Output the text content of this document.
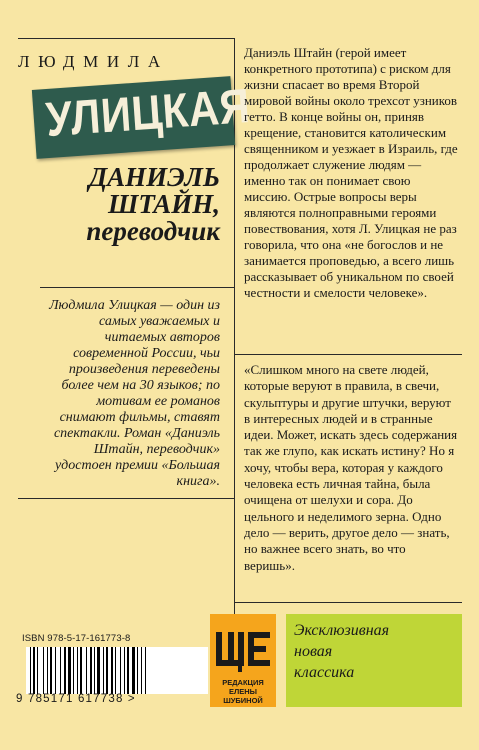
ЛЮДМИЛА
УЛИЦКАЯ
ДАНИЭЛЬ
ШТАЙН,
переводчик
Людмила Улицкая — один из самых уважаемых и читаемых авторов современной России, чьи произведения переведены более чем на 30 языков; по мотивам ее романов снимают фильмы, ставят спектакли. Роман «Даниэль Штайн, переводчик» удостоен премии «Большая книга».
Даниэль Штайн (герой имеет конкретного прототипа) с риском для жизни спасает во время Второй мировой войны около трехсот узников гетто. В конце войны он, приняв крещение, становится католическим священником и уезжает в Израиль, где продолжает служение людям — именно так он понимает свою миссию. Острые вопросы веры являются полноправными героями повествования, хотя Л. Улицкая не раз говорила, что она «не богослов и не занимается проповедью, а всего лишь рассказывает об уникальном по своей честности и смелости человеке».
«Слишком много на свете людей, которые веруют в правила, в свечи, скульптуры и другие штучки, веруют в интересных людей и в странные идеи. Может, искать здесь содержания так же глупо, как искать истину? Но я хочу, чтобы вера, которая у каждого человека есть личная тайна, была очищена от шелухи и сора. До цельного и неделимого зерна. Одно дело — верить, другое дело — знать, но важнее всего знать, во что веришь».
ISBN 978-5-17-161773-8
9 785171 617738 >
РЕДАКЦИЯ ЕЛЕНЫ ШУБИНОЙ
Эксклюзивная
новая
классика
